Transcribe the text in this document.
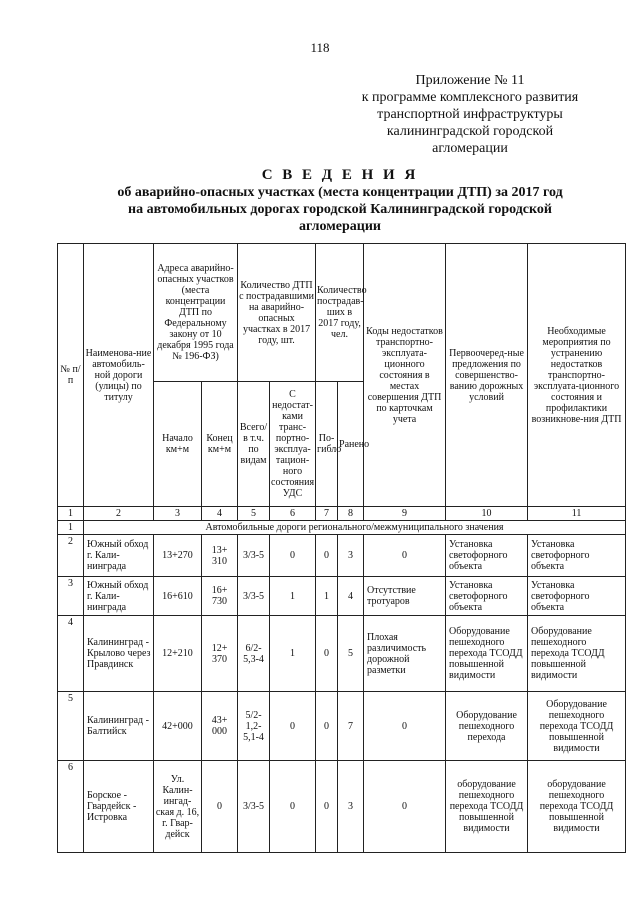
118
Приложение № 11
к программе комплексного развития
транспортной инфраструктуры
калининградской городской
агломерации
С В Е Д Е Н И Я
об аварийно-опасных участках (места концентрации ДТП) за 2017 год
на автомобильных дорогах городской Калининградской городской
агломерации
№ п/п	Наименова-ние автомобиль-ной дороги (улицы) по титулу	Адреса аварийно-опасных участков (места концентрации ДТП по Федеральному закону от 10 декабря 1995 года № 196-ФЗ)		Количество ДТП с пострадавшими на аварийно-опасных участках в 2017 году, шт.		Количество пострадав-ших в 2017 году, чел.		Коды недостатков транспортно-эксплуата-ционного состояния в местах совершения ДТП по карточкам учета	Первоочеред-ные предложения по совершенство-ванию дорожных условий	Необходимые мероприятия по устранению недостатков транспортно-эксплуата-ционного состояния и профилактики возникнове-ния ДТП
		Начало км+м	Конец км+м	Всего/ в т.ч. по видам	С недостат-ками транс-портно-эксплуа-тацион-ного состояния УДС	По-гибло	Ранено			
1	2	3	4	5	6	7	8	9	10	11
1	Автомобильные дороги регионального/межмуниципального значения									
2	Южный обход г. Кали-нинграда	13+270	13+ 310	3/3-5	0	0	3	0	Установка светофорного объекта	Установка светофорного объекта
3	Южный обход г. Кали-нинграда	16+610	16+ 730	3/3-5	1	1	4	Отсутствие тротуаров	Установка светофорного объекта	Установка светофорного объекта
4	Калининград - Крылово через Правдинск	12+210	12+ 370	6/2-5,3-4	1	0	5	Плохая различимость дорожной разметки	Оборудование пешеходного перехода ТСОДД повышенной видимости	Оборудование пешеходного перехода ТСОДД повышенной видимости
5	Калининград - Балтийск	42+000	43+ 000	5/2-1,2-5,1-4	0	0	7	0	Оборудование пешеходного перехода	Оборудование пешеходного перехода ТСОДД повышенной видимости
6	Борское - Гвардейск - Истровка	Ул. Калин-ингад-ская д. 16, г. Гвар-дейск	0	3/3-5	0	0	3	0	оборудование пешеходного перехода ТСОДД повышенной видимости	оборудование пешеходного перехода ТСОДД повышенной видимости
